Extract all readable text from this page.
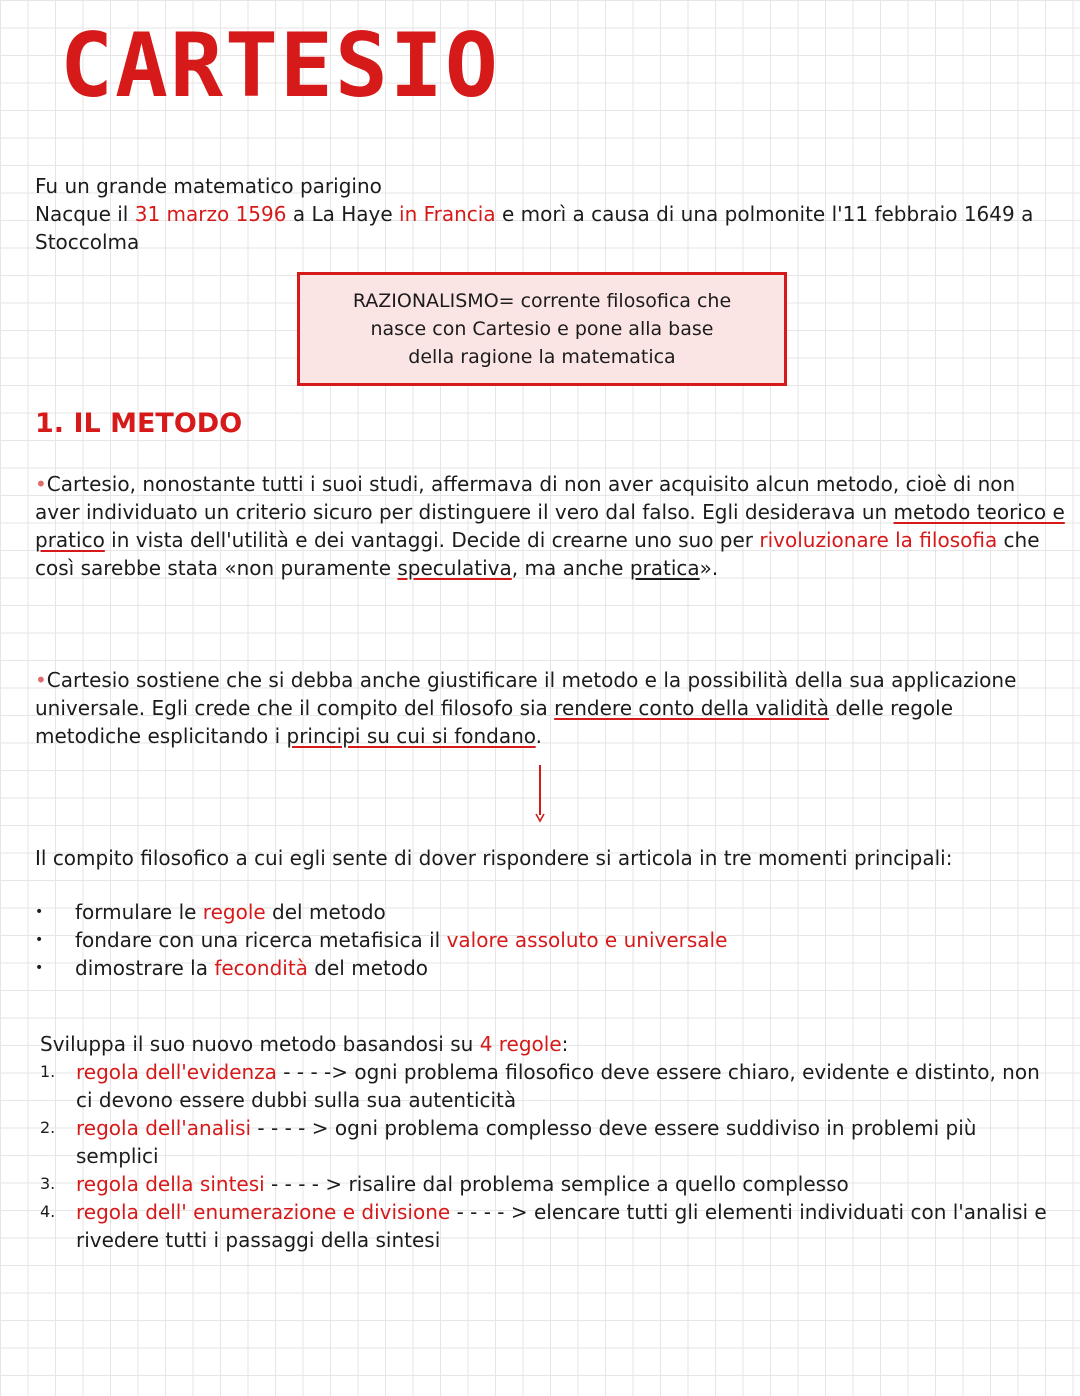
CARTESIO

Fu un grande matematico parigino
Nacque il 31 marzo 1596 a La Haye in Francia e morì a causa di una polmonite l'11 febbraio 1649 a Stoccolma

RAZIONALISMO= corrente filosofica che
nasce con Cartesio e pone alla base
della ragione la matematica
1. IL METODO

•Cartesio, nonostante tutti i suoi studi, affermava di non aver acquisito alcun metodo, cioè di non aver individuato un criterio sicuro per distinguere il vero dal falso. Egli desiderava un metodo teorico e pratico in vista dell'utilità e dei vantaggi. Decide di crearne uno suo per rivoluzionare la filosofia che così sarebbe stata «non puramente speculativa, ma anche pratica».

•Cartesio sostiene che si debba anche giustificare il metodo e la possibilità della sua applicazione universale. Egli crede che il compito del filosofo sia rendere conto della validità delle regole metodiche esplicitando i principi su cui si fondano.

Il compito filosofico a cui egli sente di dover rispondere si articola in tre momenti principali:

• formulare le regole del metodo
• fondare con una ricerca metafisica il valore assoluto e universale
• dimostrare la fecondità del metodo

Sviluppa il suo nuovo metodo basandosi su 4 regole:

1. regola dell'evidenza - - - -> ogni problema filosofico deve essere chiaro, evidente e distinto, non ci devono essere dubbi sulla sua autenticità
2. regola dell'analisi - - - - > ogni problema complesso deve essere suddiviso in problemi più semplici
3. regola della sintesi - - - - > risalire dal problema semplice a quello complesso
4. regola dell' enumerazione e divisione - - - - > elencare tutti gli elementi individuati con l'analisi e rivedere tutti i passaggi della sintesi
